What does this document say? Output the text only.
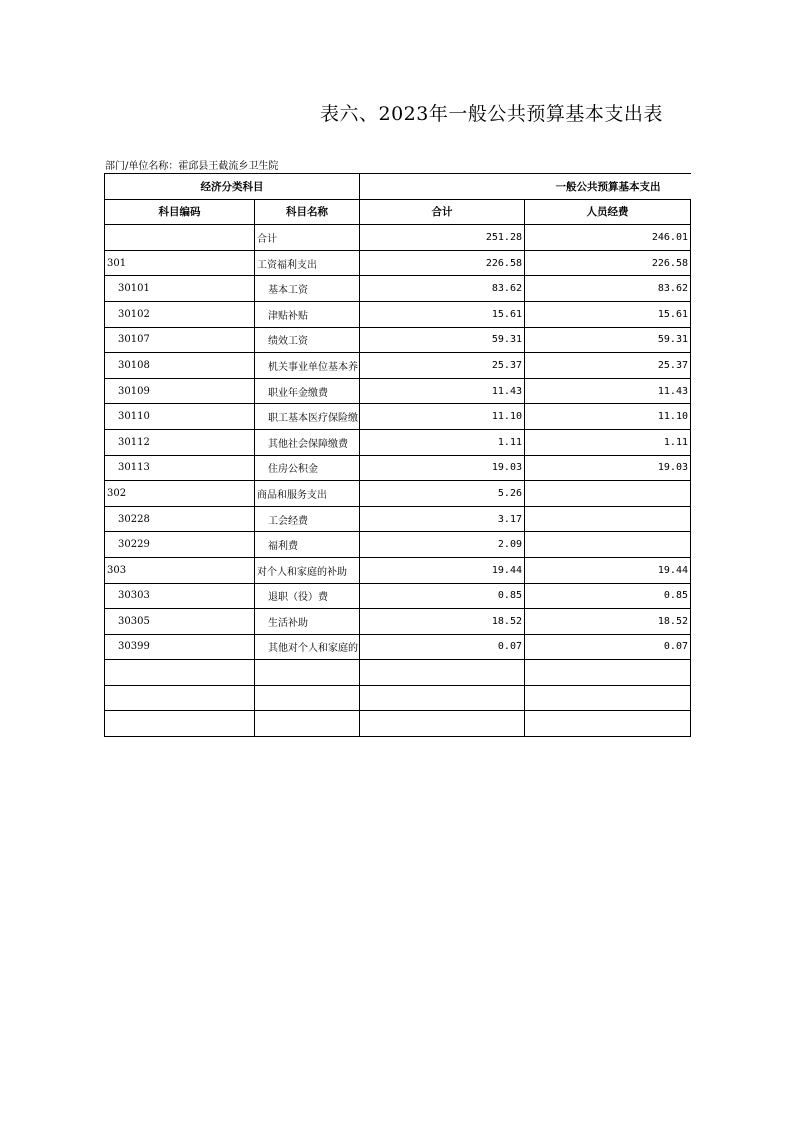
表六、2023年一般公共预算基本支出表
部门/单位名称：霍邱县王截流乡卫生院
经济分类科目		一般公共预算基本支出	
科目编码	科目名称	合计	人员经费
	合计	251.28	246.01
301	工资福利支出	226.58	226.58
30101	基本工资	83.62	83.62
30102	津贴补贴	15.61	15.61
30107	绩效工资	59.31	59.31
30108	机关事业单位基本养	25.37	25.37
30109	职业年金缴费	11.43	11.43
30110	职工基本医疗保险缴	11.10	11.10
30112	其他社会保障缴费	1.11	1.11
30113	住房公积金	19.03	19.03
302	商品和服务支出	5.26	
30228	工会经费	3.17	
30229	福利费	2.09	
303	对个人和家庭的补助	19.44	19.44
30303	退职（役）费	0.85	0.85
30305	生活补助	18.52	18.52
30399	其他对个人和家庭的	0.07	0.07
